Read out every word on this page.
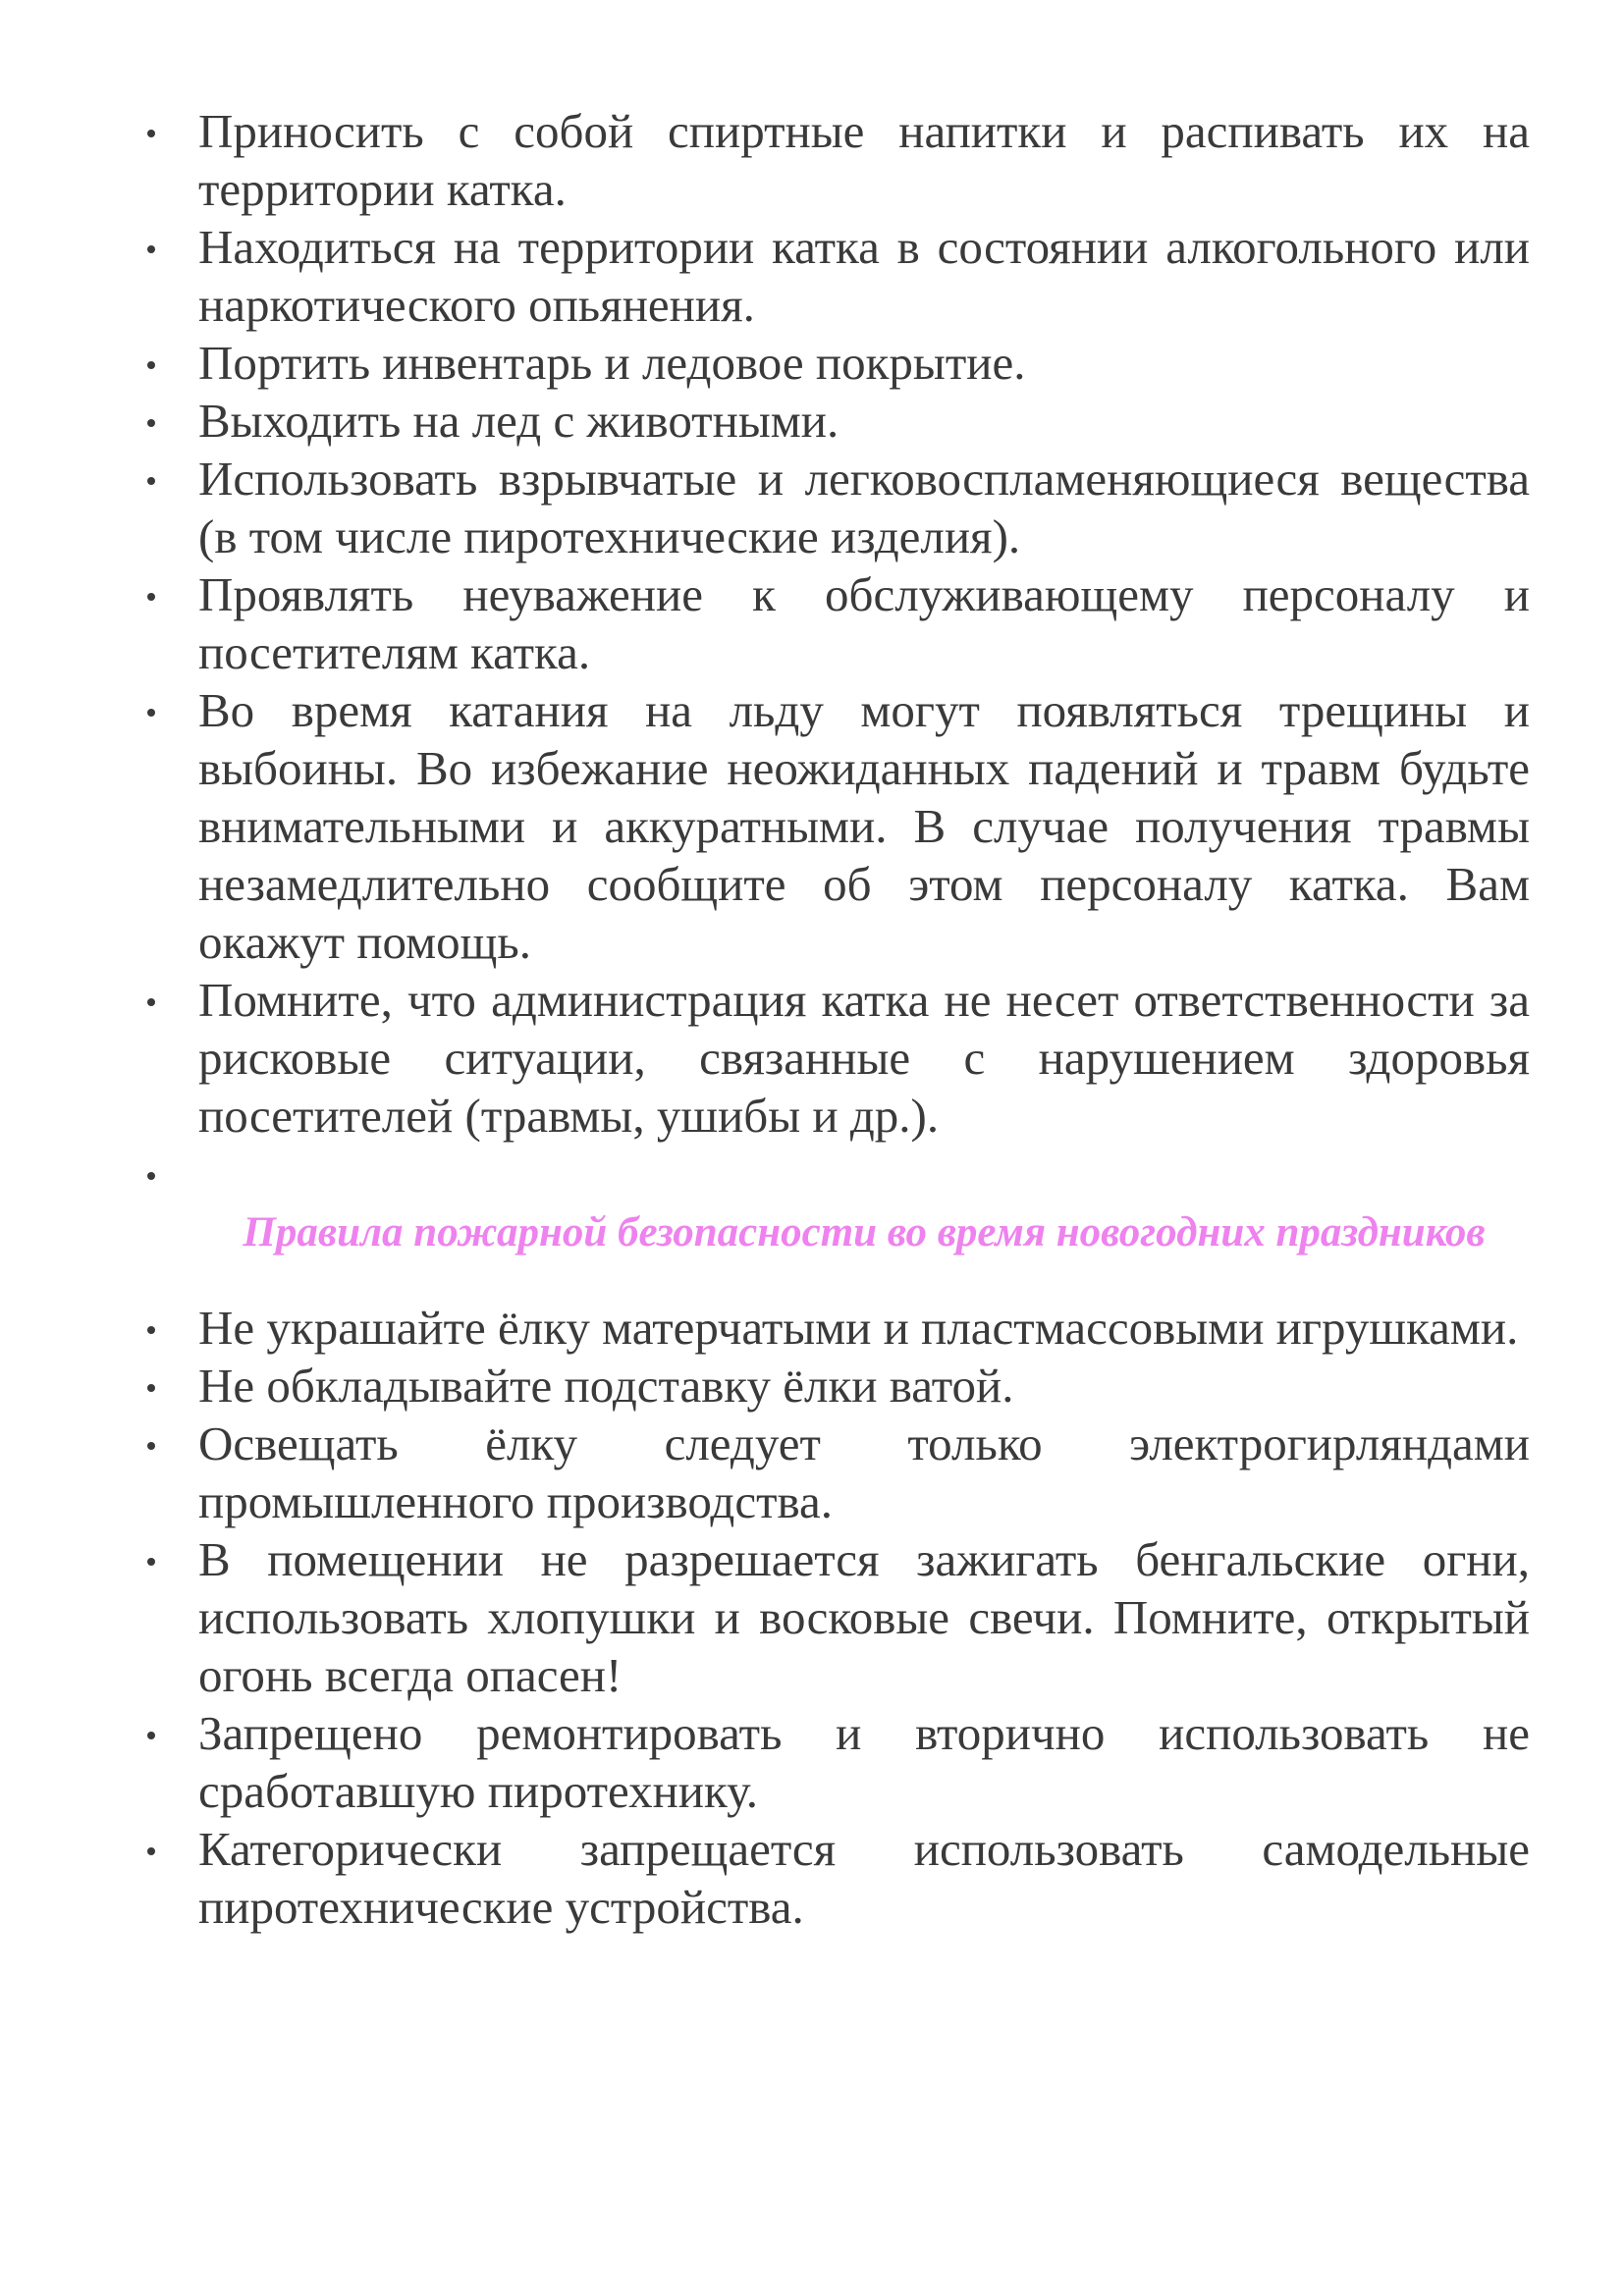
Приносить с собой спиртные напитки и распивать их на территории катка.
Находиться на территории катка в состоянии алкогольного или наркотического опьянения.
Портить инвентарь и ледовое покрытие.
Выходить на лед с животными.
Использовать взрывчатые и легковоспламеняющиеся вещества (в том числе пиротехнические изделия).
Проявлять неуважение к обслуживающему персоналу и посетителям катка.
Во время катания на льду могут появляться трещины и выбоины. Во избежание неожиданных падений и травм будьте внимательными и аккуратными. В случае получения травмы незамедлительно сообщите об этом персоналу катка. Вам окажут помощь.
Помните, что администрация катка не несет ответственности за рисковые ситуации, связанные с нарушением здоровья посетителей (травмы, ушибы и др.).
Правила пожарной безопасности во время новогодних праздников
Не украшайте ёлку матерчатыми и пластмассовыми игрушками.
Не обкладывайте подставку ёлки ватой.
Освещать ёлку следует только электрогирляндами промышленного производства.
В помещении не разрешается зажигать бенгальские огни, использовать хлопушки и восковые свечи. Помните, открытый огонь всегда опасен!
Запрещено ремонтировать и вторично использовать не сработавшую пиротехнику.
Категорически запрещается использовать самодельные пиротехнические устройства.
